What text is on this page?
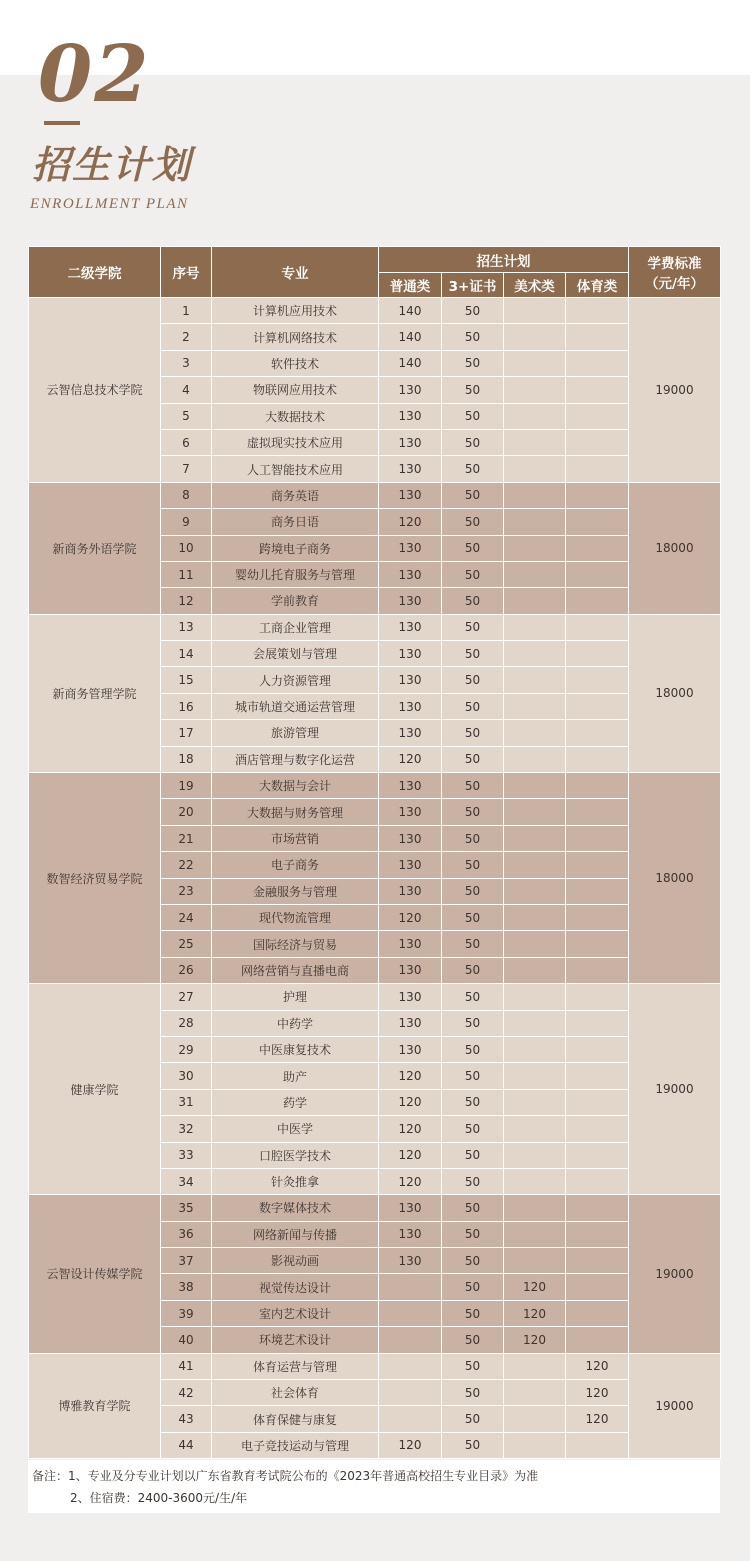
02
招生计划
ENROLLMENT PLAN
二级学院	序号	专业	招生计划				学费标准
（元/年）

			普通类	3+证书	美术类	体育类	
云智信息技术学院	1	计算机应用技术	140	50			19000
	2	计算机网络技术	140	50			
	3	软件技术	140	50			
	4	物联网应用技术	130	50			
	5	大数据技术	130	50			
	6	虚拟现实技术应用	130	50			
	7	人工智能技术应用	130	50			
新商务外语学院	8	商务英语	130	50			18000
	9	商务日语	120	50			
	10	跨境电子商务	130	50			
	11	婴幼儿托育服务与管理	130	50			
	12	学前教育	130	50			
新商务管理学院	13	工商企业管理	130	50			18000
	14	会展策划与管理	130	50			
	15	人力资源管理	130	50			
	16	城市轨道交通运营管理	130	50			
	17	旅游管理	130	50			
	18	酒店管理与数字化运营	120	50			
数智经济贸易学院	19	大数据与会计	130	50			18000
	20	大数据与财务管理	130	50			
	21	市场营销	130	50			
	22	电子商务	130	50			
	23	金融服务与管理	130	50			
	24	现代物流管理	120	50			
	25	国际经济与贸易	130	50			
	26	网络营销与直播电商	130	50			
健康学院	27	护理	130	50			19000
	28	中药学	130	50			
	29	中医康复技术	130	50			
	30	助产	120	50			
	31	药学	120	50			
	32	中医学	120	50			
	33	口腔医学技术	120	50			
	34	针灸推拿	120	50			
云智设计传媒学院	35	数字媒体技术	130	50			19000
	36	网络新闻与传播	130	50			
	37	影视动画	130	50			
	38	视觉传达设计		50	120		
	39	室内艺术设计		50	120		
	40	环境艺术设计		50	120		
博雅教育学院	41	体育运营与管理		50		120	19000
	42	社会体育		50		120	
	43	体育保健与康复		50		120	
	44	电子竞技运动与管理	120	50			
备注：1、专业及分专业计划以广东省教育考试院公布的《2023年普通高校招生专业目录》为准
2、住宿费：2400-3600元/生/年
